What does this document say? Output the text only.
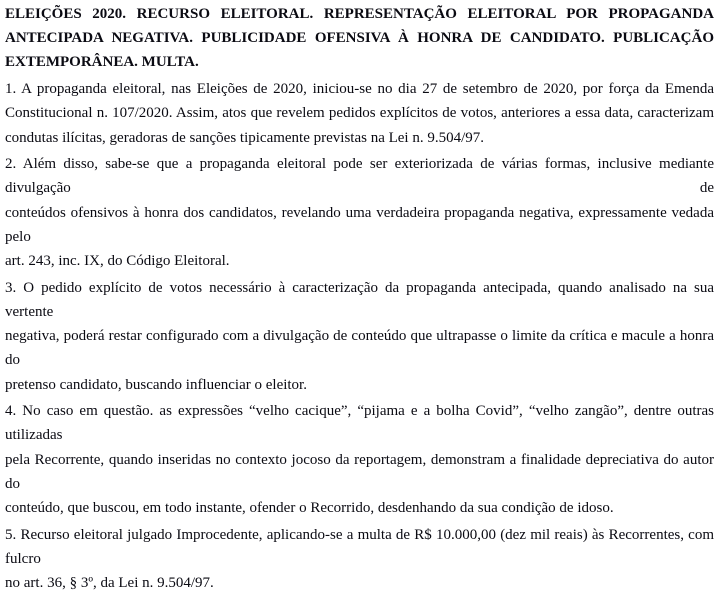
ELEIÇÕES 2020. RECURSO ELEITORAL. REPRESENTAÇÃO ELEITORAL POR PROPAGANDA
ANTECIPADA NEGATIVA. PUBLICIDADE OFENSIVA À HONRA DE CANDIDATO. PUBLICAÇÃO
EXTEMPORÂNEA. MULTA.
1. A propaganda eleitoral, nas Eleições de 2020, iniciou-se no dia 27 de setembro de 2020, por força da Emenda
Constitucional n. 107/2020. Assim, atos que revelem pedidos explícitos de votos, anteriores a essa data, caracterizam
condutas ilícitas, geradoras de sanções tipicamente previstas na Lei n. 9.504/97.
2. Além disso, sabe-se que a propaganda eleitoral pode ser exteriorizada de várias formas, inclusive mediante divulgação de
conteúdos ofensivos à honra dos candidatos, revelando uma verdadeira propaganda negativa, expressamente vedada pelo
art. 243, inc. IX, do Código Eleitoral.
3. O pedido explícito de votos necessário à caracterização da propaganda antecipada, quando analisado na sua vertente
negativa, poderá restar configurado com a divulgação de conteúdo que ultrapasse o limite da crítica e macule a honra do
pretenso candidato, buscando influenciar o eleitor.
4. No caso em questão. as expressões “velho cacique”, “pijama e a bolha Covid”, “velho zangão”, dentre outras utilizadas
pela Recorrente, quando inseridas no contexto jocoso da reportagem, demonstram a finalidade depreciativa do autor do
conteúdo, que buscou, em todo instante, ofender o Recorrido, desdenhando da sua condição de idoso.
5. Recurso eleitoral julgado Improcedente, aplicando-se a multa de R$ 10.000,00 (dez mil reais) às Recorrentes, com fulcro
no art. 36, § 3º, da Lei n. 9.504/97.
